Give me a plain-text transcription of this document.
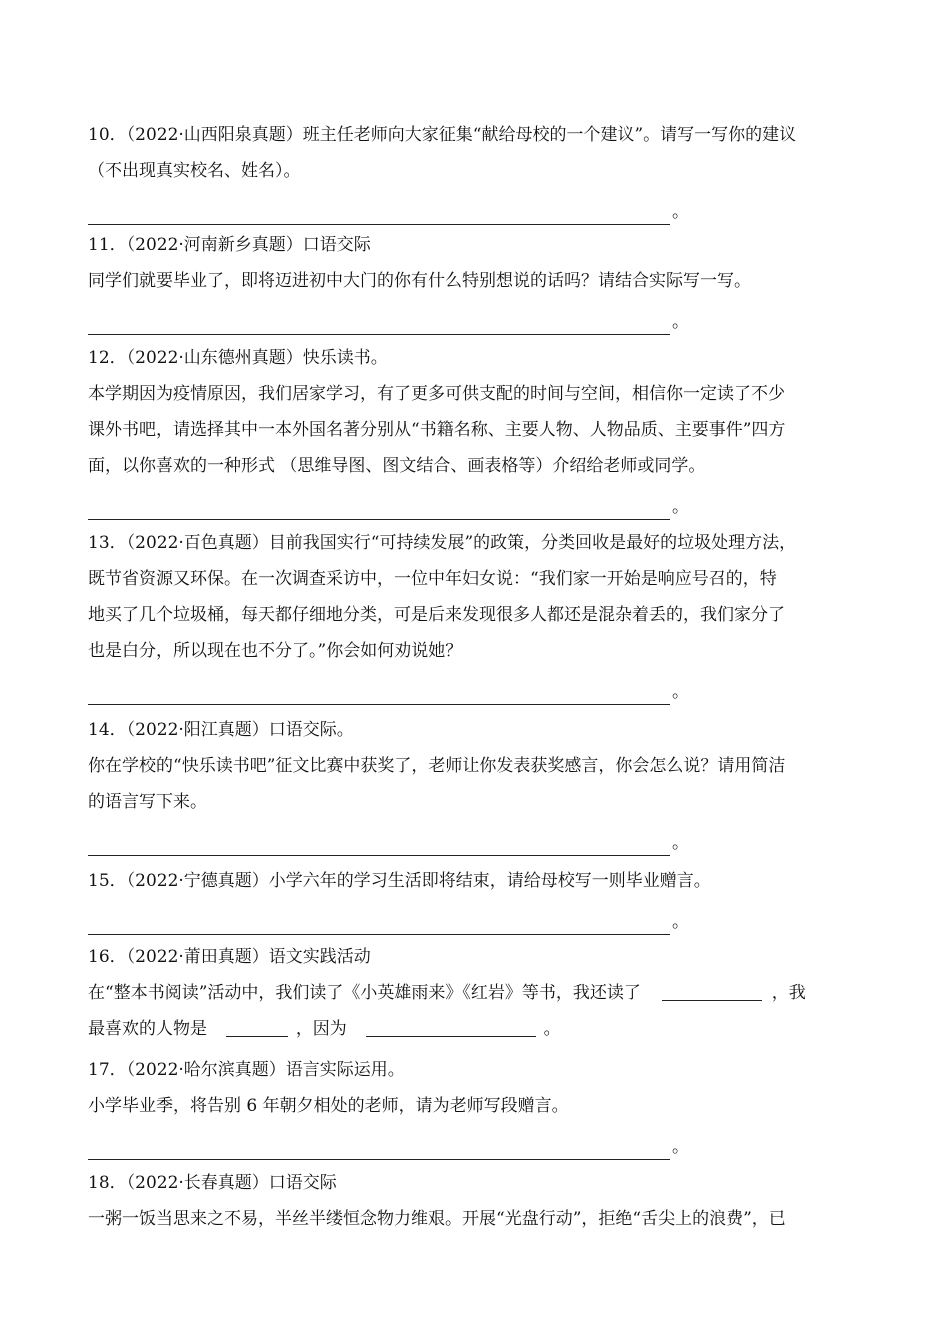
10．（2022·山西阳泉真题）班主任老师向大家征集“献给母校的一个建议”。请写一写你的建议
（不出现真实校名、姓名）。
。
11．（2022·河南新乡真题）口语交际
同学们就要毕业了，即将迈进初中大门的你有什么特别想说的话吗？请结合实际写一写。
。
12．（2022·山东德州真题）快乐读书。
本学期因为疫情原因，我们居家学习，有了更多可供支配的时间与空间，相信你一定读了不少
课外书吧，请选择其中一本外国名著分别从“书籍名称、主要人物、人物品质、主要事件”四方
面，以你喜欢的一种形式 （思维导图、图文结合、画表格等）介绍给老师或同学。
。
13．（2022·百色真题）目前我国实行“可持续发展”的政策，分类回收是最好的垃圾处理方法，
既节省资源又环保。在一次调查采访中，一位中年妇女说：“我们家一开始是响应号召的，特
地买了几个垃圾桶，每天都仔细地分类，可是后来发现很多人都还是混杂着丢的，我们家分了
也是白分，所以现在也不分了。”你会如何劝说她？
。
14．（2022·阳江真题）口语交际。
你在学校的“快乐读书吧”征文比赛中获奖了，老师让你发表获奖感言，你会怎么说？请用简洁
的语言写下来。
。
15．（2022·宁德真题）小学六年的学习生活即将结束，请给母校写一则毕业赠言。
。
16．（2022·莆田真题）语文实践活动
在“整本书阅读”活动中，我们读了《小英雄雨来》《红岩》等书，我还读了	，我
最喜欢的人物是	，因为	。
17．（2022·哈尔滨真题）语言实际运用。
小学毕业季，将告别 6 年朝夕相处的老师，请为老师写段赠言。
。
18．（2022·长春真题）口语交际
一粥一饭当思来之不易，半丝半缕恒念物力维艰。开展“光盘行动”，拒绝“舌尖上的浪费”，已
